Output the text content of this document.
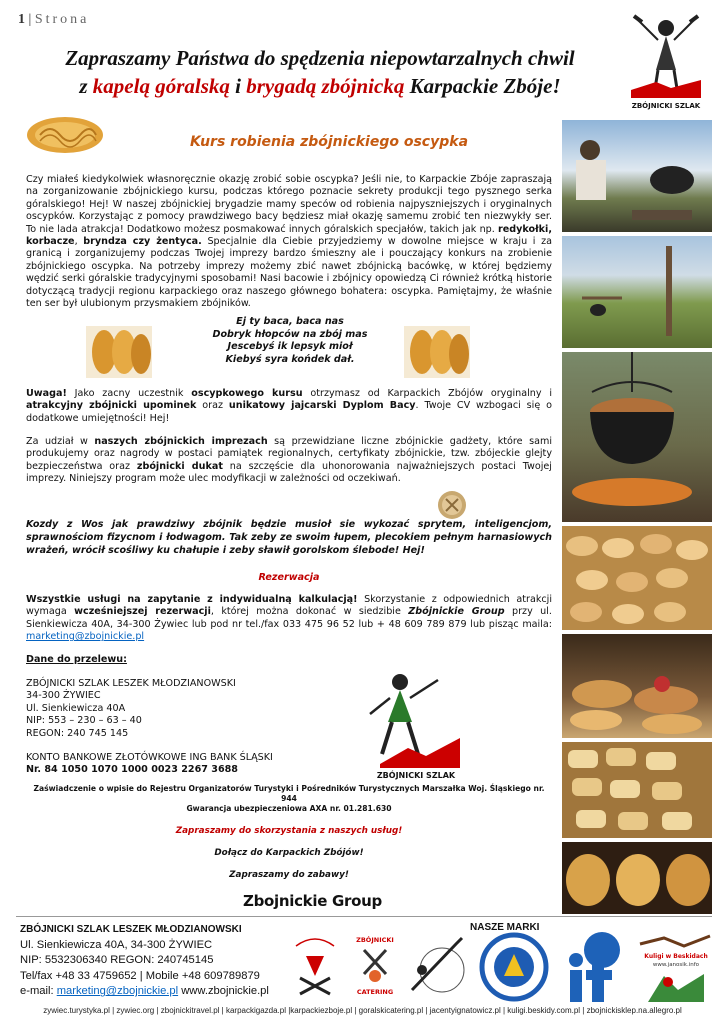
1 | Strona
Zapraszamy Państwa do spędzenia niepowtarzalnych chwil
z kapelą góralską i brygadą zbójnicką Karpackie Zbóje!
ZBÓJNICKI SZLAK
Kurs robienia zbójnickiego oscypka
Czy miałeś kiedykolwiek własnoręcznie okazję zrobić sobie oscypka? Jeśli nie, to Karpackie Zbóje zapraszają na zorganizowanie zbójnickiego kursu, podczas którego poznacie sekrety produkcji tego pysznego serka góralskiego! Hej! W naszej zbójnickiej brygadzie mamy speców od robienia najpyszniejszych i oryginalnych oscypków. Korzystając z pomocy prawdziwego bacy będziesz miał okazję samemu zrobić ten niezwykły ser. To nie lada atrakcja! Dodatkowo możesz posmakować innych góralskich specjałów, takich jak np. redykołki, korbacze, bryndza czy żentyca. Specjalnie dla Ciebie przyjedziemy w dowolne miejsce w kraju i za granicą i zorganizujemy podczas Twojej imprezy bardzo śmieszny ale i pouczający konkurs na zrobienie zbójnickiego oscypka. Na potrzeby imprezy możemy zbić nawet zbójnicką bacówkę, w której będziemy wędzić serki góralskie tradycyjnymi sposobami! Nasi bacowie i zbójnicy opowiedzą Ci również krótką historie dotyczącą tradycji regionu karpackiego oraz naszego głównego bohatera: oscypka. Pamiętajmy, że właśnie ten ser był ulubionym przysmakiem zbójników.
Ej ty baca, baca nas
Dobryk hłopców na zbój mas
Jescebyś ik lepsyk mioł
Kiebyś syra końdek dał.
Uwaga! Jako zacny uczestnik oscypkowego kursu otrzymasz od Karpackich Zbójów oryginalny i atrakcyjny zbójnicki upominek oraz unikatowy jajcarski Dyplom Bacy. Twoje CV wzbogaci się o dodatkowe umiejętności! Hej!
Za udział w naszych zbójnickich imprezach są przewidziane liczne zbójnickie gadżety, które sami produkujemy oraz nagrody w postaci pamiątek regionalnych, certyfikaty zbójnickie, tzw. zbójeckie glejty bezpieczeństwa oraz zbójnicki dukat na szczęście dla uhonorowania najważniejszych postaci Twojej imprezy. Niniejszy program może ulec modyfikacji w zależności od oczekiwań.
Kozdy z Wos jak prawdziwy zbójnik będzie musioł sie wykozać sprytem, inteligencjom, sprawnościom fizycnom i łodwagom. Tak zeby ze swoim łupem, plecokiem pełnym harnasiowych wrażeń, wrócił scośliwy ku chałupie i zeby sławił gorolskom ślebode! Hej!
Rezerwacja
Wszystkie usługi na zapytanie z indywidualną kalkulacją! Skorzystanie z odpowiednich atrakcji wymaga wcześniejszej rezerwacji, której można dokonać w siedzibie Zbójnickie Group przy ul. Sienkiewicza 40A, 34-300 Żywiec lub pod nr tel./fax 033 475 96 52 lub + 48 609 789 879 lub pisząc maila: marketing@zbojnickie.pl
Dane do przelewu:
ZBÓJNICKI SZLAK LESZEK MŁODZIANOWSKI
34-300 ŻYWIEC
Ul. Sienkiewicza 40A
NIP: 553 – 230 – 63 – 40
REGON: 240 745 145
KONTO BANKOWE ZŁOTÓWKOWE ING BANK ŚLĄSKI
Nr. 84 1050 1070 1000 0023 2267 3688
ZBÓJNICKI SZLAK
Zaświadczenie o wpisie do Rejestru Organizatorów Turystyki i Pośredników Turystycznych Marszałka Woj. Śląskiego nr. 944
Gwarancja ubezpieczeniowa AXA nr. 01.281.630
Zapraszamy do skorzystania z naszych usług!
Dołącz do Karpackich Zbójów!
Zapraszamy do zabawy!
Zbojnickie Group
ZBÓJNICKI SZLAK LESZEK MŁODZIANOWSKI
Ul. Sienkiewicza 40A, 34-300 ŻYWIEC
NIP: 5532306340 REGON: 240745145
Tel/fax +48 33 4759652 | Mobile +48 609789879
e-mail: marketing@zbojnickie.pl www.zbojnickie.pl
NASZE MARKI
ZBÓJNICKI
CATERING
Kuligi w Beskidach
www.janosik.info
zywiec.turystyka.pl | zywiec.org | zbojnickitravel.pl | karpackigazda.pl |karpackiezboje.pl | goralskicatering.pl | jacentyignatowicz.pl | kuligi.beskidy.com.pl | zbojnickisklep.na.allegro.pl
